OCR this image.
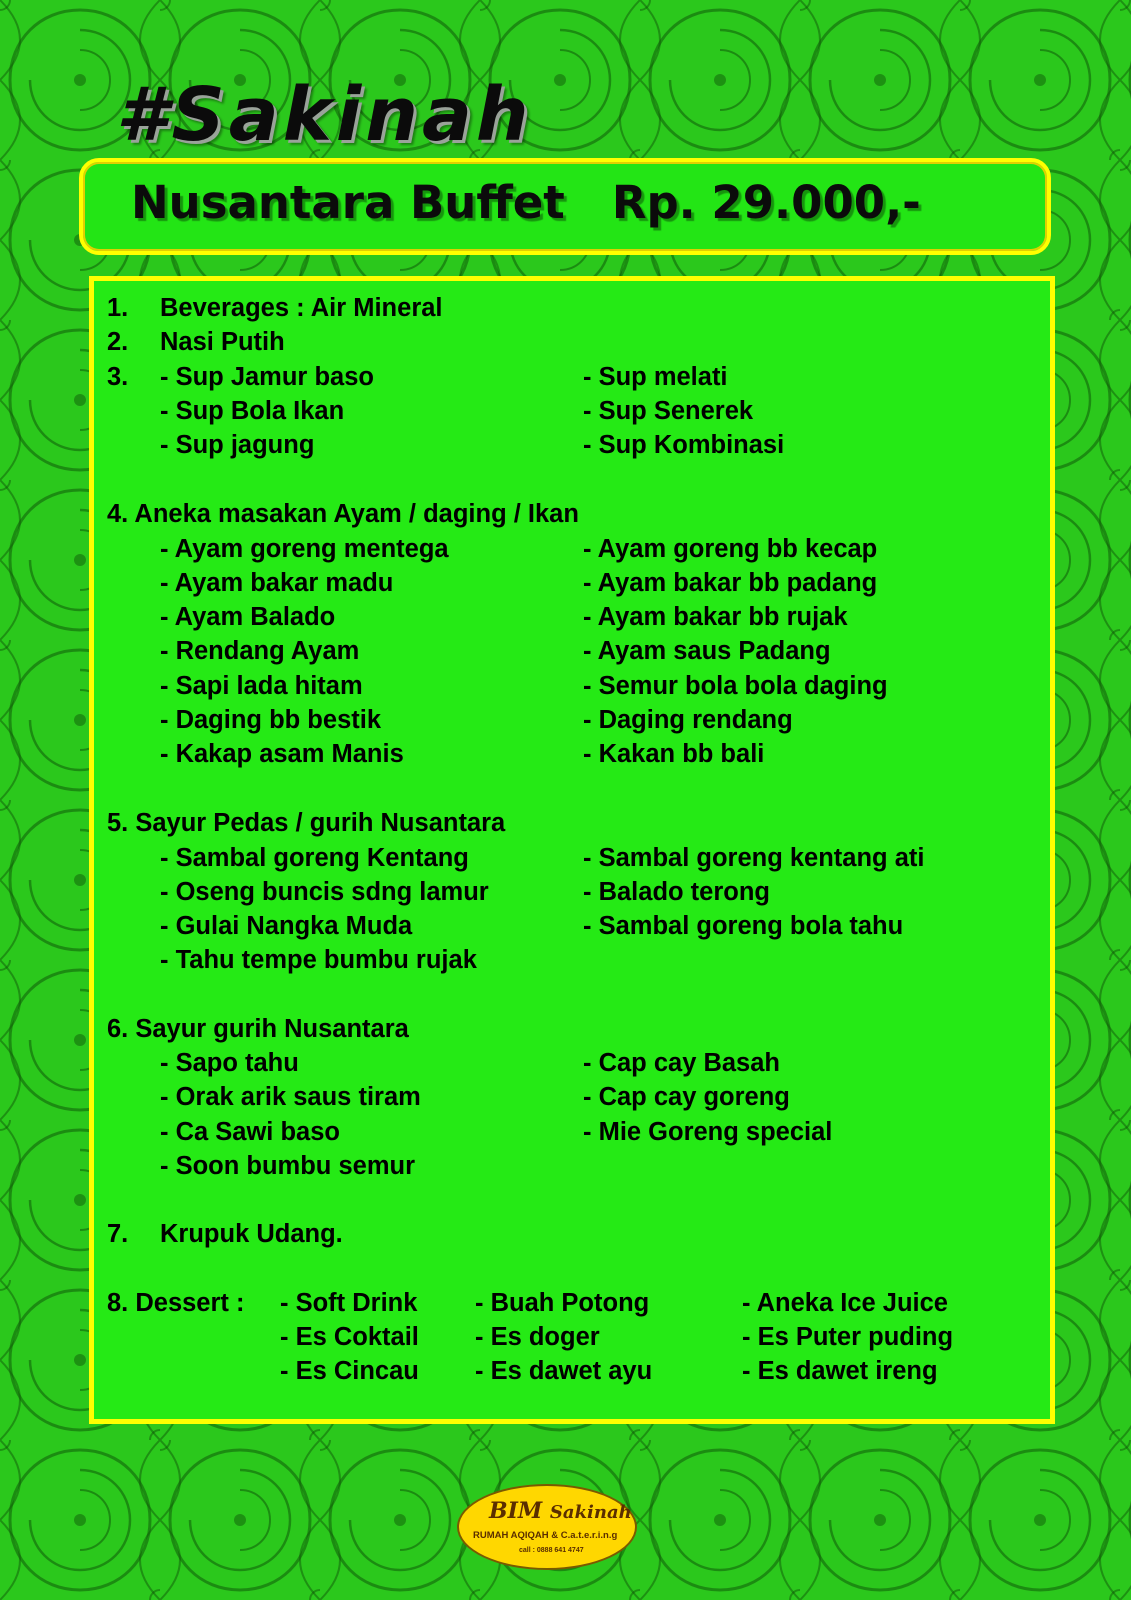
#Sakinah
Nusantara Buffet Rp. 29.000,-
1. Beverages : Air Mineral
2. Nasi Putih
3. - Sup Jamur baso	- Sup melati
- Sup Bola Ikan	- Sup Senerek
- Sup jagung	- Sup Kombinasi
4. Aneka masakan Ayam / daging / Ikan
- Ayam goreng mentega	- Ayam goreng bb kecap
- Ayam bakar madu	- Ayam bakar bb padang
- Ayam Balado	- Ayam bakar bb rujak
- Rendang Ayam	- Ayam saus Padang
- Sapi lada hitam	- Semur bola bola daging
- Daging bb bestik	- Daging rendang
- Kakap asam Manis	- Kakan bb bali
5. Sayur Pedas / gurih Nusantara
- Sambal goreng Kentang	- Sambal goreng kentang ati
- Oseng buncis sdng lamur	- Balado terong
- Gulai Nangka Muda	- Sambal goreng bola tahu
- Tahu tempe bumbu rujak
6. Sayur gurih Nusantara
- Sapo tahu	- Cap cay Basah
- Orak arik saus tiram	- Cap cay goreng
- Ca Sawi baso	- Mie Goreng special
- Soon bumbu semur
7. Krupuk Udang.
8. Dessert : - Soft Drink - Buah Potong	- Aneka Ice Juice
- Es Coktail - Es doger	- Es Puter puding
- Es Cincau - Es dawet ayu	- Es dawet ireng
BIM Sakinah
RUMAH AQIQAH & C.a.t.e.r.i.n.g
call : 0888 641 4747
